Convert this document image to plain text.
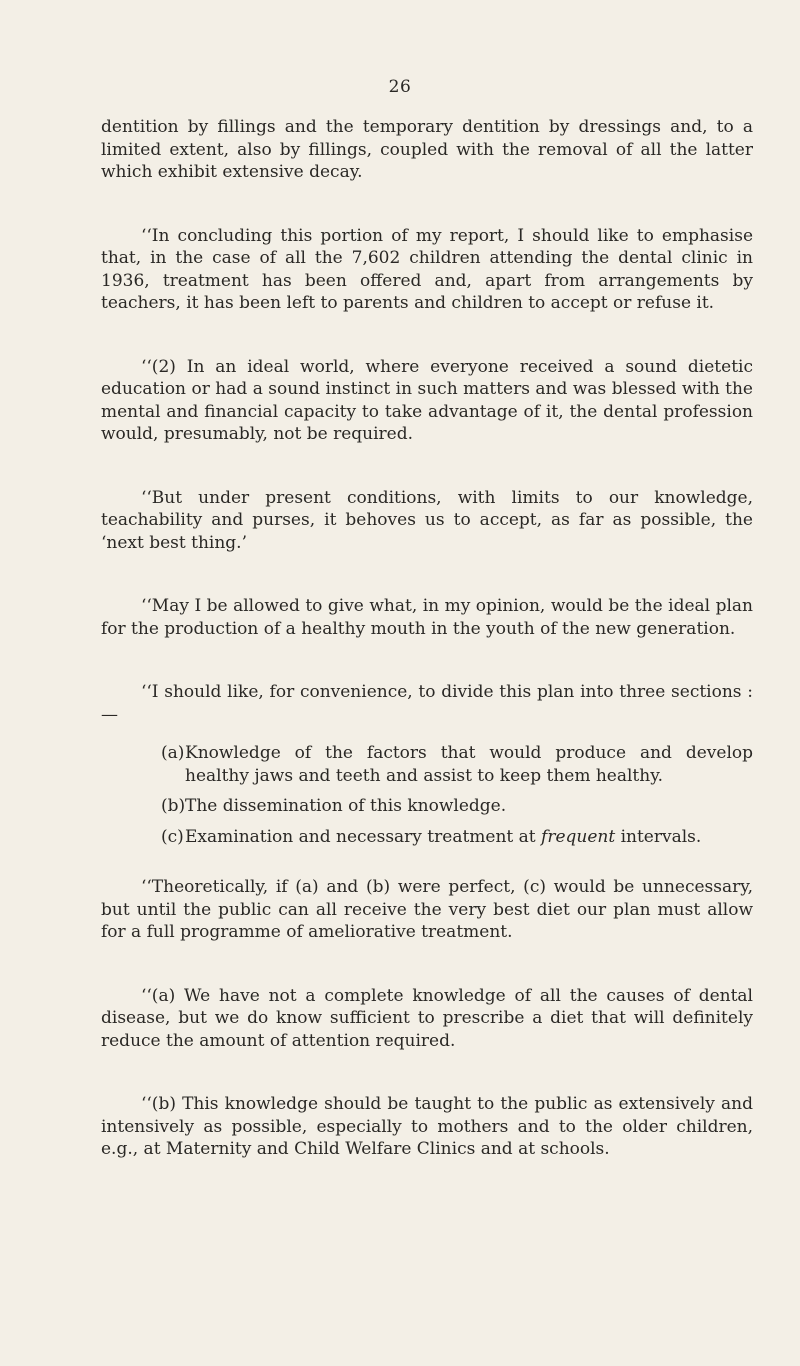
26

dentition by fillings and the temporary dentition by dressings and, to a limited extent, also by fillings, coupled with the removal of all the latter which exhibit extensive decay.

‘‘In concluding this portion of my report, I should like to emphasise that, in the case of all the 7,602 children attending the dental clinic in 1936, treatment has been offered and, apart from arrangements by teachers, it has been left to parents and children to accept or refuse it.

‘‘(2) In an ideal world, where everyone received a sound dietetic education or had a sound instinct in such matters and was blessed with the mental and financial capacity to take advantage of it, the dental profession would, presumably, not be required.

‘‘But under present conditions, with limits to our knowledge, teachability and purses, it behoves us to accept, as far as possible, the ‘next best thing.’

‘‘May I be allowed to give what, in my opinion, would be the ideal plan for the production of a healthy mouth in the youth of the new generation.

‘‘I should like, for convenience, to divide this plan into three sections :—

(a) Knowledge of the factors that would produce and develop healthy jaws and teeth and assist to keep them healthy.
(b) The dissemination of this knowledge.
(c) Examination and necessary treatment at frequent intervals.

‘‘Theoretically, if (a) and (b) were perfect, (c) would be unnecessary, but until the public can all receive the very best diet our plan must allow for a full programme of ameliorative treatment.

‘‘(a) We have not a complete knowledge of all the causes of dental disease, but we do know sufficient to prescribe a diet that will definitely reduce the amount of attention required.

‘‘(b) This knowledge should be taught to the public as extensively and intensively as possible, especially to mothers and to the older children, e.g., at Maternity and Child Welfare Clinics and at schools.
